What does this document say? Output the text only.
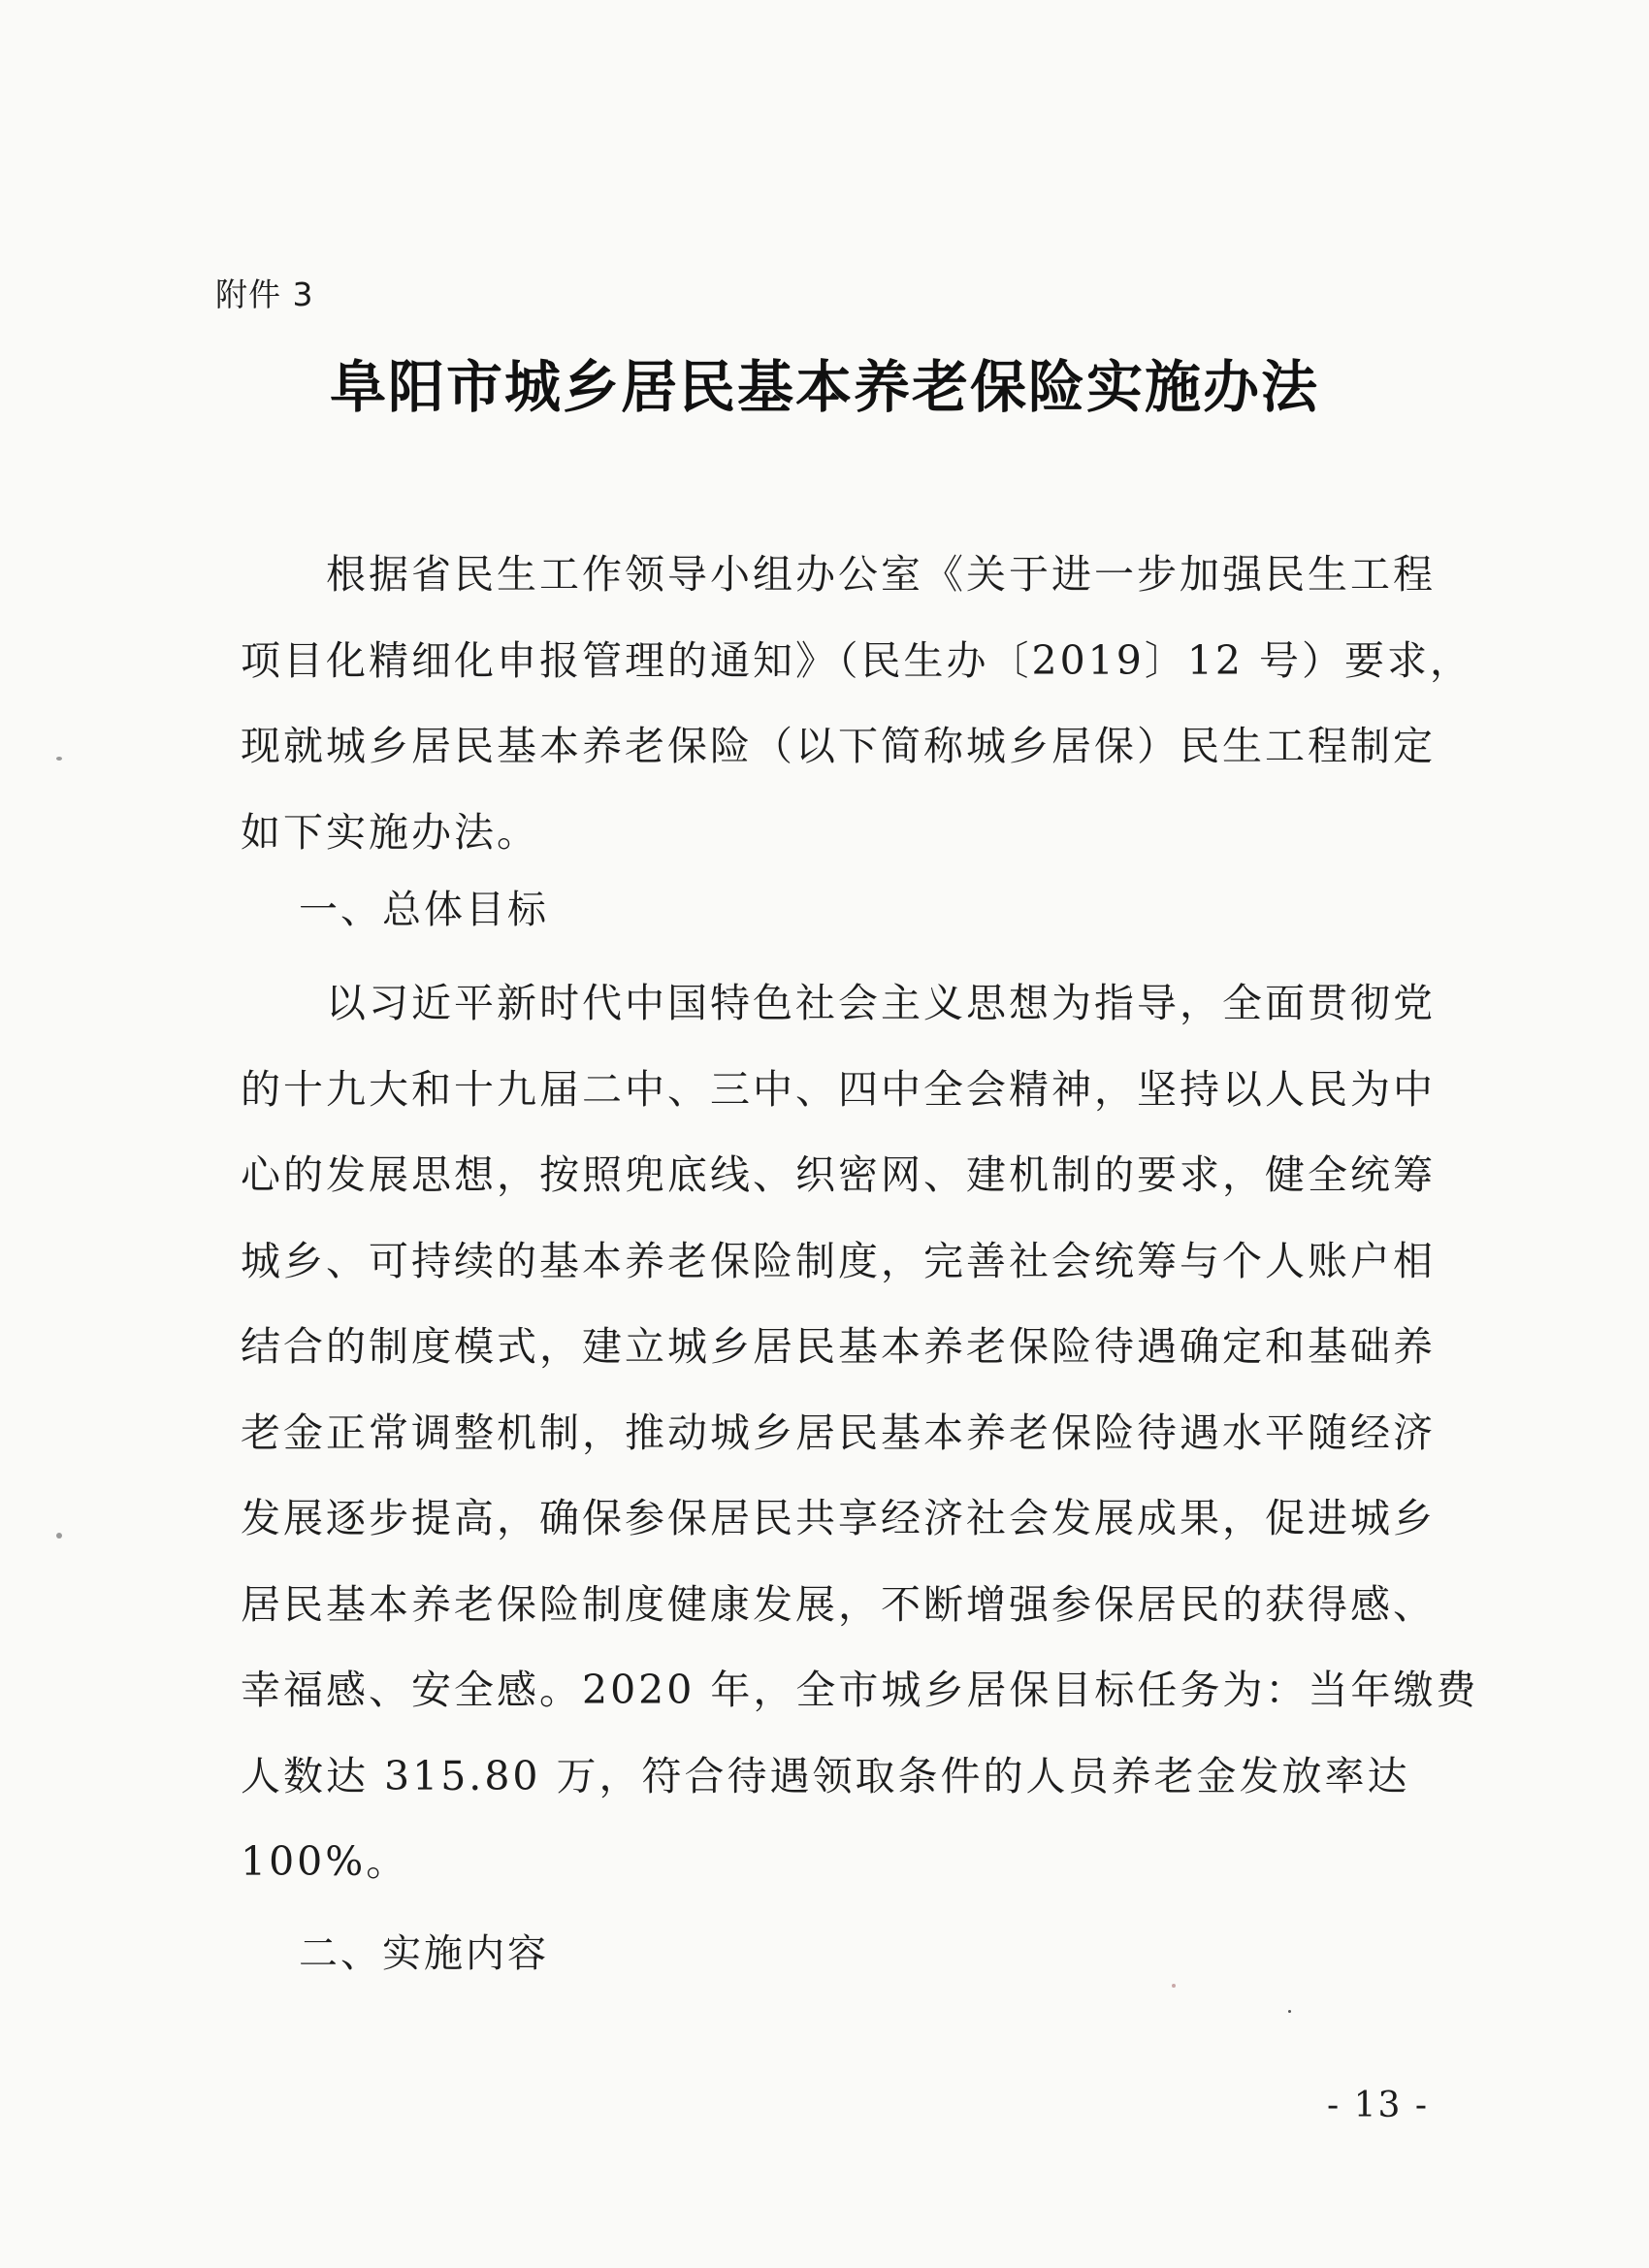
附件 3
阜阳市城乡居民基本养老保险实施办法
　　根据省民生工作领导小组办公室《关于进一步加强民生工程
项目化精细化申报管理的通知》（民生办〔2019〕12 号）要求，
现就城乡居民基本养老保险（以下简称城乡居保）民生工程制定
如下实施办法。
一、总体目标
　　以习近平新时代中国特色社会主义思想为指导，全面贯彻党
的十九大和十九届二中、三中、四中全会精神，坚持以人民为中
心的发展思想，按照兜底线、织密网、建机制的要求，健全统筹
城乡、可持续的基本养老保险制度，完善社会统筹与个人账户相
结合的制度模式，建立城乡居民基本养老保险待遇确定和基础养
老金正常调整机制，推动城乡居民基本养老保险待遇水平随经济
发展逐步提高，确保参保居民共享经济社会发展成果，促进城乡
居民基本养老保险制度健康发展，不断增强参保居民的获得感、
幸福感、安全感。2020 年，全市城乡居保目标任务为：当年缴费
人数达 315.80 万，符合待遇领取条件的人员养老金发放率达
100%。
二、实施内容
- 13 -
